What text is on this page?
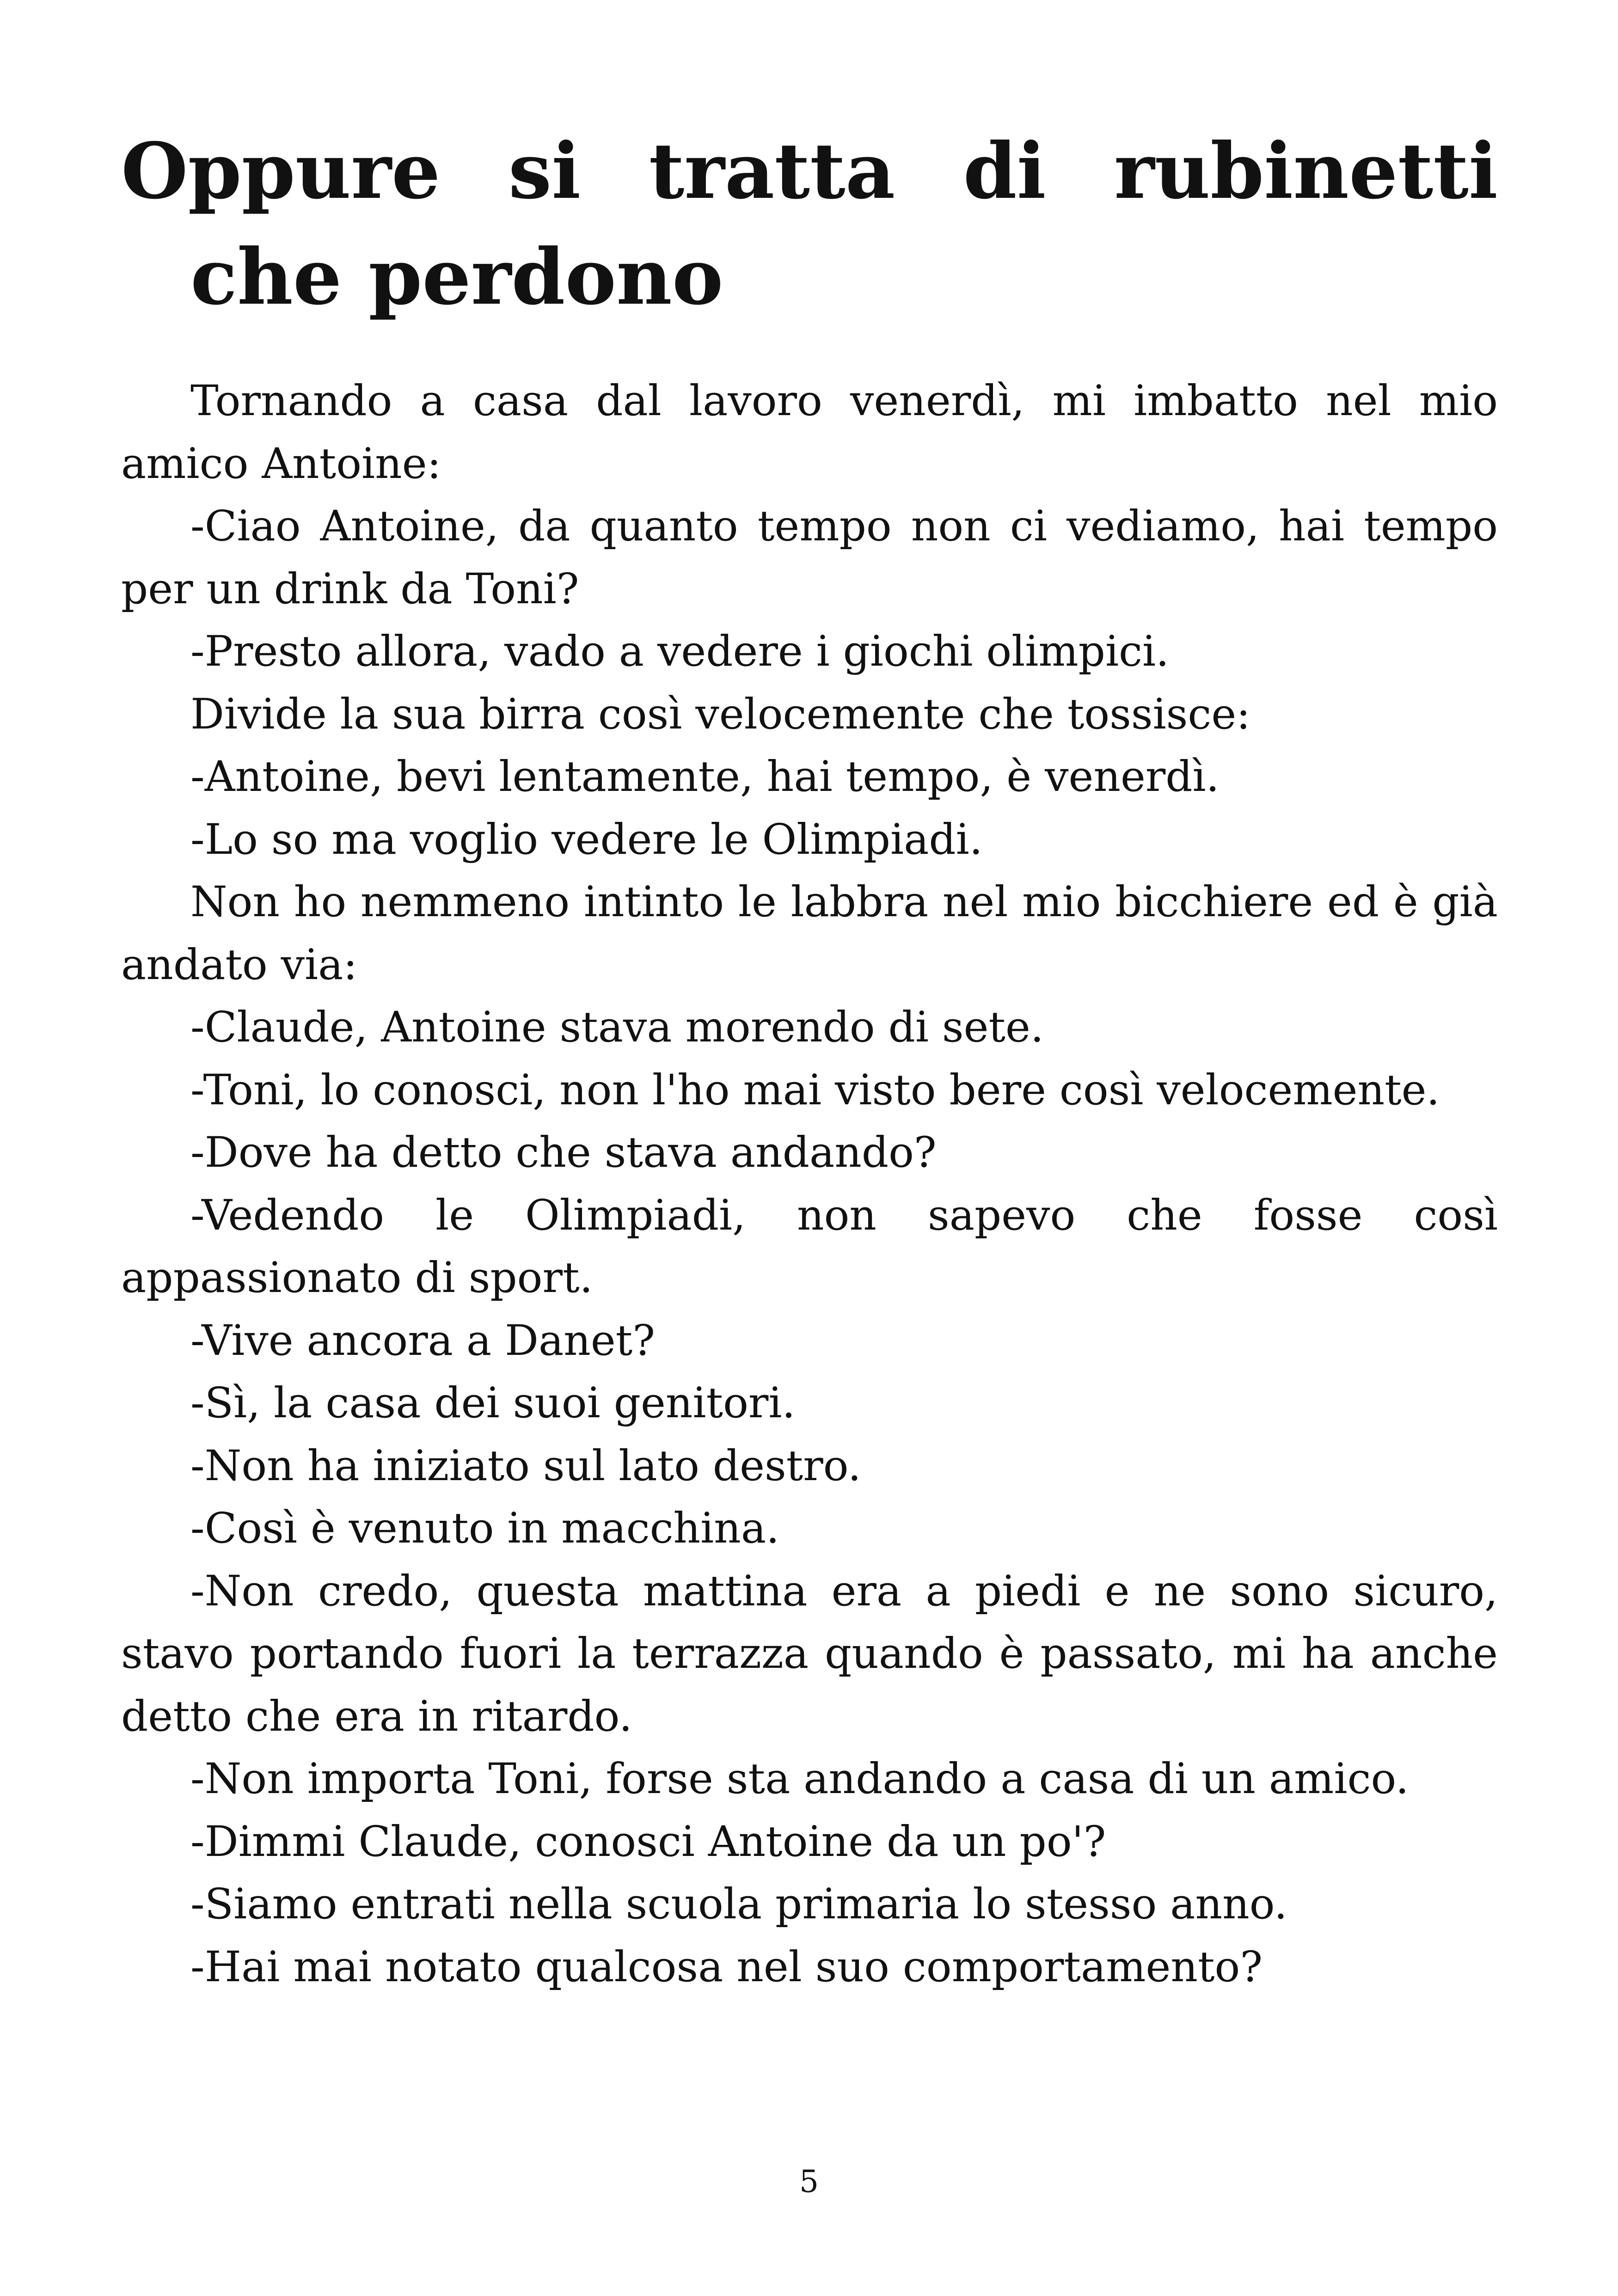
Oppure si tratta di rubinetti che perdono

Tornando a casa dal lavoro venerdì, mi imbatto nel mio amico Antoine:

-Ciao Antoine, da quanto tempo non ci vediamo, hai tempo per un drink da Toni?

-Presto allora, vado a vedere i giochi olimpici.

Divide la sua birra così velocemente che tossisce:

-Antoine, bevi lentamente, hai tempo, è venerdì.

-Lo so ma voglio vedere le Olimpiadi.

Non ho nemmeno intinto le labbra nel mio bicchiere ed è già andato via:

-Claude, Antoine stava morendo di sete.

-Toni, lo conosci, non l'ho mai visto bere così velocemente.

-Dove ha detto che stava andando?

-Vedendo le Olimpiadi, non sapevo che fosse così appassionato di sport.

-Vive ancora a Danet?

-Sì, la casa dei suoi genitori.

-Non ha iniziato sul lato destro.

-Così è venuto in macchina.

-Non credo, questa mattina era a piedi e ne sono sicuro, stavo portando fuori la terrazza quando è passato, mi ha anche detto che era in ritardo.

-Non importa Toni, forse sta andando a casa di un amico.

-Dimmi Claude, conosci Antoine da un po'?

-Siamo entrati nella scuola primaria lo stesso anno.

-Hai mai notato qualcosa nel suo comportamento?

5
